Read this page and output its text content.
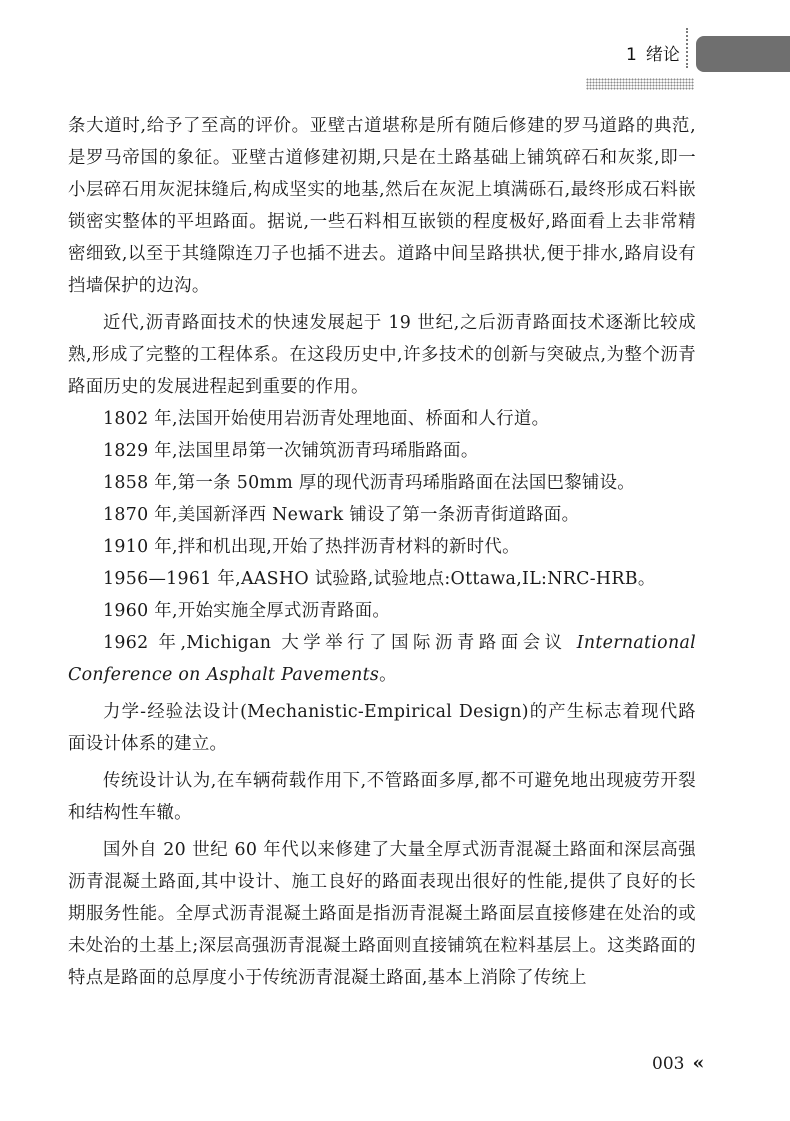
1 绪论

条大道时,给予了至高的评价。亚壁古道堪称是所有随后修建的罗马道路的典范,是罗马帝国的象征。亚壁古道修建初期,只是在土路基础上铺筑碎石和灰浆,即一小层碎石用灰泥抹缝后,构成坚实的地基,然后在灰泥上填满砾石,最终形成石料嵌锁密实整体的平坦路面。据说,一些石料相互嵌锁的程度极好,路面看上去非常精密细致,以至于其缝隙连刀子也插不进去。道路中间呈路拱状,便于排水,路肩设有挡墙保护的边沟。

近代,沥青路面技术的快速发展起于 19 世纪,之后沥青路面技术逐渐比较成熟,形成了完整的工程体系。在这段历史中,许多技术的创新与突破点,为整个沥青路面历史的发展进程起到重要的作用。

1802 年,法国开始使用岩沥青处理地面、桥面和人行道。

1829 年,法国里昂第一次铺筑沥青玛琋脂路面。

1858 年,第一条 50mm 厚的现代沥青玛琋脂路面在法国巴黎铺设。

1870 年,美国新泽西 Newark 铺设了第一条沥青街道路面。

1910 年,拌和机出现,开始了热拌沥青材料的新时代。

1956—1961 年,AASHO 试验路,试验地点:Ottawa,IL:NRC-HRB。

1960 年,开始实施全厚式沥青路面。

1962 年,Michigan 大学举行了国际沥青路面会议 International Conference on Asphalt Pavements。

力学-经验法设计(Mechanistic-Empirical Design)的产生标志着现代路面设计体系的建立。

传统设计认为,在车辆荷载作用下,不管路面多厚,都不可避免地出现疲劳开裂和结构性车辙。

国外自 20 世纪 60 年代以来修建了大量全厚式沥青混凝土路面和深层高强沥青混凝土路面,其中设计、施工良好的路面表现出很好的性能,提供了良好的长期服务性能。全厚式沥青混凝土路面是指沥青混凝土路面层直接修建在处治的或未处治的土基上;深层高强沥青混凝土路面则直接铺筑在粒料基层上。这类路面的特点是路面的总厚度小于传统沥青混凝土路面,基本上消除了传统上

003 «
